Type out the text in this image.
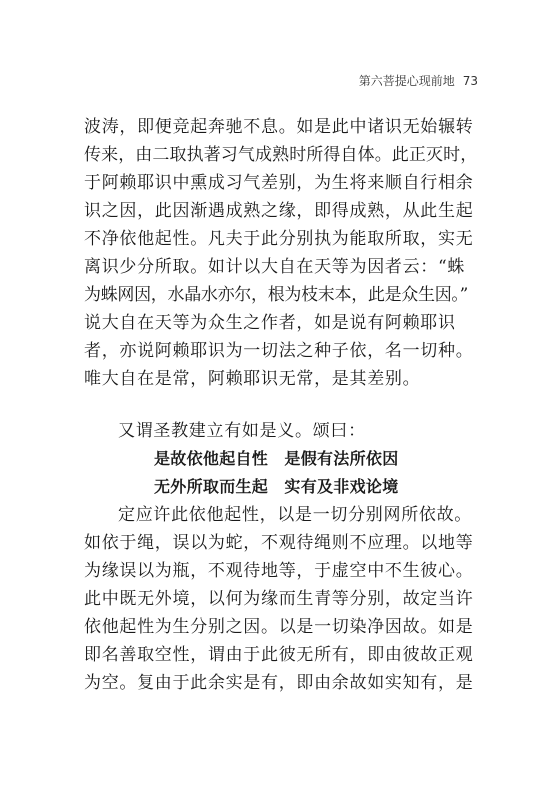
第六菩提心现前地 73
波涛，即便竞起奔驰不息。如是此中诸识无始辗转
传来，由二取执著习气成熟时所得自体。此正灭时，
于阿赖耶识中熏成习气差别，为生将来顺自行相余
识之因，此因渐遇成熟之缘，即得成熟，从此生起
不净依他起性。凡夫于此分别执为能取所取，实无
离识少分所取。如计以大自在天等为因者云：“蛛
为蛛网因，水晶水亦尔，根为枝末本，此是众生因。”
说大自在天等为众生之作者，如是说有阿赖耶识
者，亦说阿赖耶识为一切法之种子依，名一切种。
唯大自在是常，阿赖耶识无常，是其差别。
又谓圣教建立有如是义。颂曰：
是故依他起自性　是假有法所依因
无外所取而生起　实有及非戏论境
定应许此依他起性，以是一切分别网所依故。
如依于绳，误以为蛇，不观待绳则不应理。以地等
为缘误以为瓶，不观待地等，于虚空中不生彼心。
此中既无外境，以何为缘而生青等分别，故定当许
依他起性为生分别之因。以是一切染净因故。如是
即名善取空性，谓由于此彼无所有，即由彼故正观
为空。复由于此余实是有，即由余故如实知有，是
